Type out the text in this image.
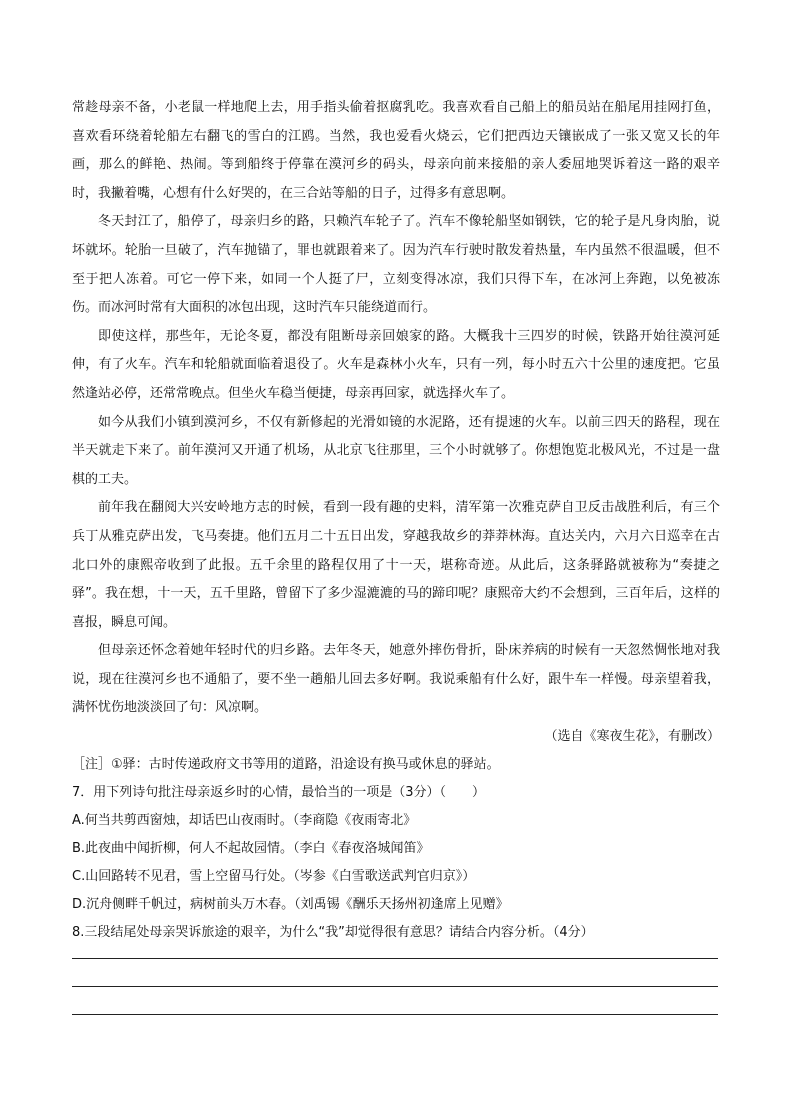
常趁母亲不备，小老鼠一样地爬上去，用手指头偷着抠腐乳吃。我喜欢看自己船上的船员站在船尾用挂网打鱼，喜欢看环绕着轮船左右翻飞的雪白的江鸥。当然，我也爱看火烧云，它们把西边天镶嵌成了一张又宽又长的年画，那么的鲜艳、热闹。等到船终于停靠在漠河乡的码头，母亲向前来接船的亲人委屈地哭诉着这一路的艰辛时，我撇着嘴，心想有什么好哭的，在三合站等船的日子，过得多有意思啊。

冬天封江了，船停了，母亲归乡的路，只赖汽车轮子了。汽车不像轮船坚如钢铁，它的轮子是凡身肉胎，说坏就坏。轮胎一旦破了，汽车抛锚了，罪也就跟着来了。因为汽车行驶时散发着热量，车内虽然不很温暖，但不至于把人冻着。可它一停下来，如同一个人挺了尸，立刻变得冰凉，我们只得下车，在冰河上奔跑，以免被冻伤。而冰河时常有大面积的冰包出现，这时汽车只能绕道而行。

即使这样，那些年，无论冬夏，都没有阻断母亲回娘家的路。大概我十三四岁的时候，铁路开始往漠河延伸，有了火车。汽车和轮船就面临着退役了。火车是森林小火车，只有一列，每小时五六十公里的速度把。它虽然逢站必停，还常常晚点。但坐火车稳当便捷，母亲再回家，就选择火车了。

如今从我们小镇到漠河乡，不仅有新修起的光滑如镜的水泥路，还有提速的火车。以前三四天的路程，现在半天就走下来了。前年漠河又开通了机场，从北京飞往那里，三个小时就够了。你想饱览北极风光，不过是一盘棋的工夫。

前年我在翻阅大兴安岭地方志的时候，看到一段有趣的史料，清军第一次雅克萨自卫反击战胜利后，有三个兵丁从雅克萨出发，飞马奏捷。他们五月二十五日出发，穿越我故乡的莽莽林海。直达关内，六月六日巡幸在古北口外的康熙帝收到了此报。五千余里的路程仅用了十一天，堪称奇迹。从此后，这条驿路就被称为“奏捷之驿”。我在想，十一天，五千里路，曾留下了多少湿漉漉的马的蹄印呢？康熙帝大约不会想到，三百年后，这样的喜报，瞬息可闻。

但母亲还怀念着她年轻时代的归乡路。去年冬天，她意外摔伤骨折，卧床养病的时候有一天忽然惆怅地对我说，现在往漠河乡也不通船了，要不坐一趟船儿回去多好啊。我说乘船有什么好，跟牛车一样慢。母亲望着我，满怀忧伤地淡淡回了句：风凉啊。

（选自《寒夜生花》，有删改）

［注］①驿：古时传递政府文书等用的道路，沿途设有换马或休息的驿站。

7．用下列诗句批注母亲返乡时的心情，最恰当的一项是（3分）（　　）

A.何当共剪西窗烛，却话巴山夜雨时。（李商隐《夜雨寄北》

B.此夜曲中闻折柳，何人不起故园情。（李白《春夜洛城闻笛》

C.山回路转不见君，雪上空留马行处。（岑参《白雪歌送武判官归京》）

D.沉舟侧畔千帆过，病树前头万木春。（刘禹锡《酬乐天扬州初逢席上见赠》

8.三段结尾处母亲哭诉旅途的艰辛，为什么“我”却觉得很有意思？请结合内容分析。（4分）
